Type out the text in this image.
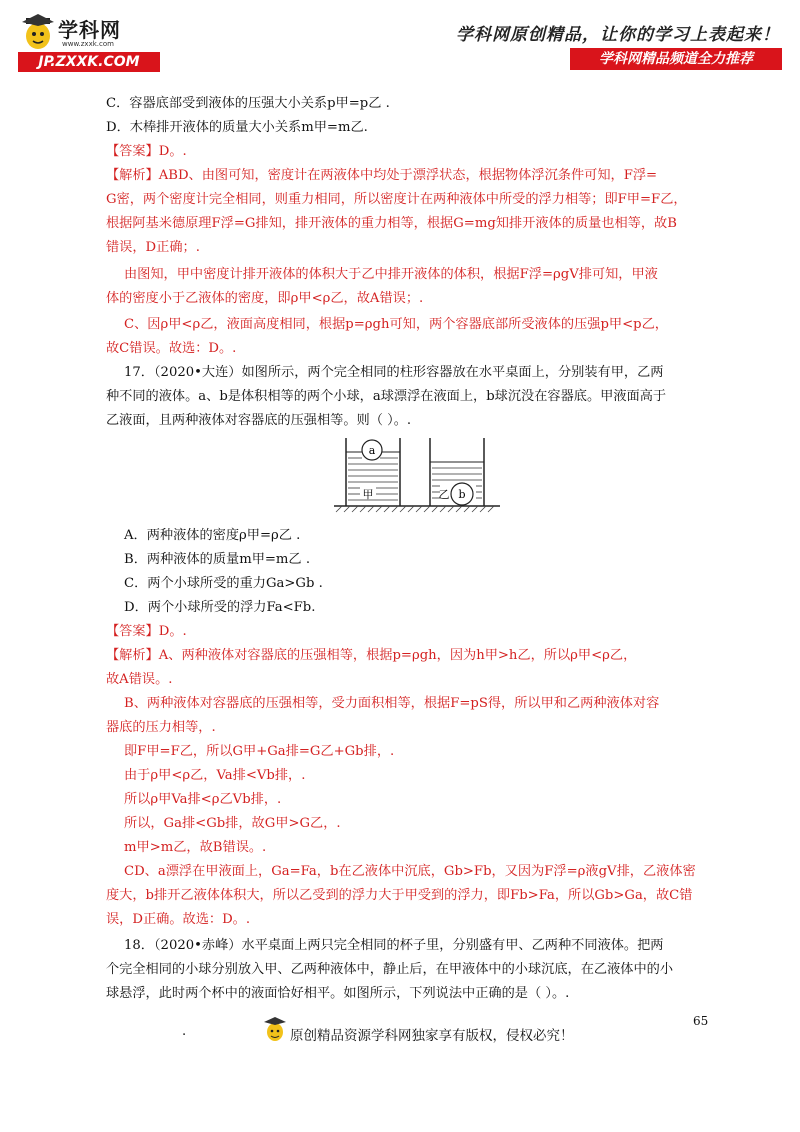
学科网
www.zxxk.com
JP.ZXXK.COM
学科网原创精品，让你的学习上表起来！
学科网精品频道全力推荐
C．容器底部受到液体的压强大小关系p甲=p乙 .
D．木棒排开液体的质量大小关系m甲=m乙.
【答案】D。.
【解析】ABD、由图可知，密度计在两液体中均处于漂浮状态，根据物体浮沉条件可知，F浮=
G密，两个密度计完全相同，则重力相同，所以密度计在两种液体中所受的浮力相等；即F甲=F乙，
根据阿基米德原理F浮=G排知，排开液体的重力相等，根据G=mg知排开液体的质量也相等，故B
错误，D正确；.
由图知，甲中密度计排开液体的体积大于乙中排开液体的体积，根据F浮=ρgV排可知，甲液
体的密度小于乙液体的密度，即ρ甲<ρ乙，故A错误；.
C、因ρ甲<ρ乙，液面高度相同，根据p=ρgh可知，两个容器底部所受液体的压强p甲<p乙，
故C错误。故选：D。.
17．（2020•大连）如图所示，两个完全相同的柱形容器放在水平桌面上，分别装有甲，乙两
种不同的液体。a、b是体积相等的两个小球，a球漂浮在液面上，b球沉没在容器底。甲液面高于
乙液面，且两种液体对容器底的压强相等。则（ ）。.
a
甲	b
乙
A．两种液体的密度ρ甲=ρ乙 .
B．两种液体的质量m甲=m乙 .
C．两个小球所受的重力Ga>Gb .
D．两个小球所受的浮力Fa<Fb.
【答案】D。.
【解析】A、两种液体对容器底的压强相等，根据p=ρgh，因为h甲>h乙，所以ρ甲<ρ乙，
故A错误。.
B、两种液体对容器底的压强相等，受力面积相等，根据F=pS得，所以甲和乙两种液体对容
器底的压力相等，.
即F甲=F乙，所以G甲+Ga排=G乙+Gb排，.
由于ρ甲<ρ乙，Va排<Vb排，.
所以ρ甲Va排<ρ乙Vb排，.
所以，Ga排<Gb排，故G甲>G乙，.
m甲>m乙，故B错误。.
CD、a漂浮在甲液面上，Ga=Fa，b在乙液体中沉底，Gb>Fb，又因为F浮=ρ液gV排，乙液体密
度大，b排开乙液体体积大，所以乙受到的浮力大于甲受到的浮力，即Fb>Fa，所以Gb>Ga，故C错
误，D正确。故选：D。.
18．（2020•赤峰）水平桌面上两只完全相同的杯子里，分别盛有甲、乙两种不同液体。把两
个完全相同的小球分别放入甲、乙两种液体中，静止后，在甲液体中的小球沉底，在乙液体中的小
球悬浮，此时两个杯中的液面恰好相平。如图所示，下列说法中正确的是（ ）。.
65
.	原创精品资源学科网独家享有版权，侵权必究！
